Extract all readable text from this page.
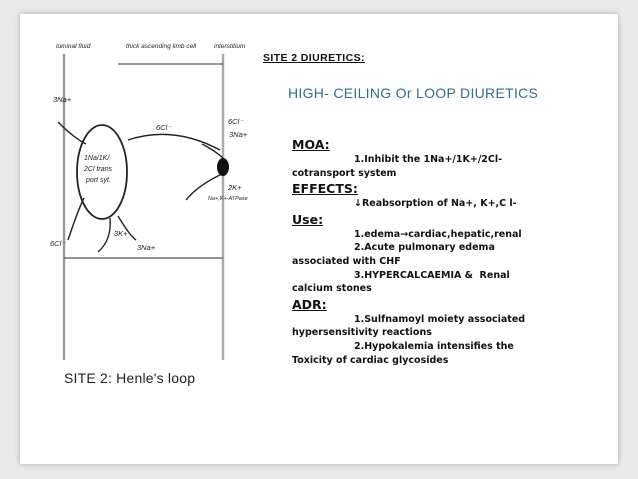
luminal fluid	thick ascending limb cell	interstitium
1Na/1K/
2Cl trans
port syt.
3Na+
6Cl⁻
6Cl⁻
3Na+
2K+
Na+,K+-ATPase
6Cl⁻
3K+
3Na+
SITE 2: Henle's loop
SITE 2 DIURETICS:
HIGH- CEILING Or LOOP DIURETICS
MOA:
1.Inhibit the 1Na+/1K+/2Cl-
cotransport system
EFFECTS:
↓Reabsorption of Na+, K+,C l-
Use:
1.edema→cardiac,hepatic,renal
2.Acute pulmonary edema
associated with CHF
3.HYPERCALCAEMIA &  Renal
calcium stones
ADR:
1.Sulfnamoyl moiety associated
hypersensitivity reactions
2.Hypokalemia intensifies the
Toxicity of cardiac glycosides
